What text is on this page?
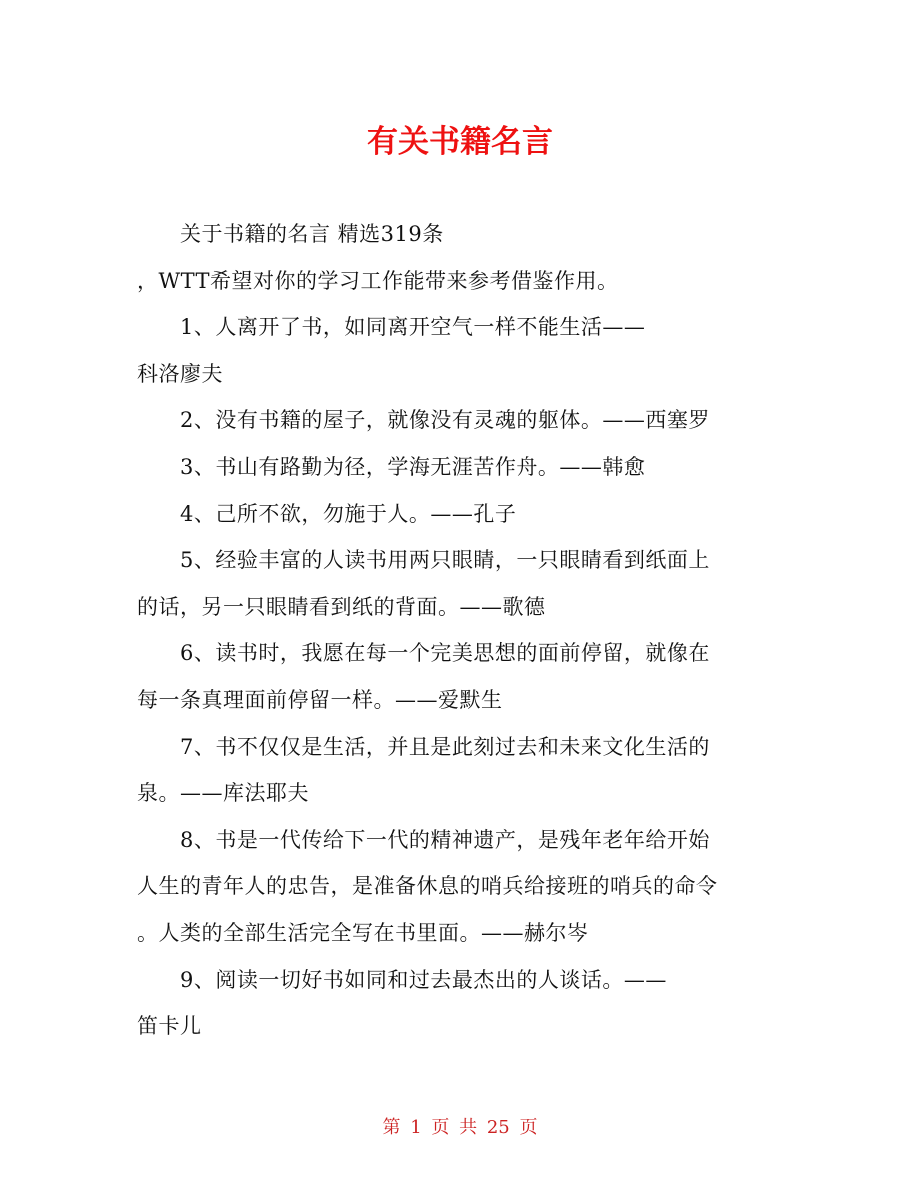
有关书籍名言
关于书籍的名言 精选319条
，WTT希望对你的学习工作能带来参考借鉴作用。
1、人离开了书，如同离开空气一样不能生活——
科洛廖夫
2、没有书籍的屋子，就像没有灵魂的躯体。——西塞罗
3、书山有路勤为径，学海无涯苦作舟。——韩愈
4、己所不欲，勿施于人。——孔子
5、经验丰富的人读书用两只眼睛，一只眼睛看到纸面上
的话，另一只眼睛看到纸的背面。——歌德
6、读书时，我愿在每一个完美思想的面前停留，就像在
每一条真理面前停留一样。——爱默生
7、书不仅仅是生活，并且是此刻过去和未来文化生活的
泉。——库法耶夫
8、书是一代传给下一代的精神遗产，是残年老年给开始
人生的青年人的忠告，是准备休息的哨兵给接班的哨兵的命令
。人类的全部生活完全写在书里面。——赫尔岑
9、阅读一切好书如同和过去最杰出的人谈话。——
笛卡儿
第 1 页 共 25 页
